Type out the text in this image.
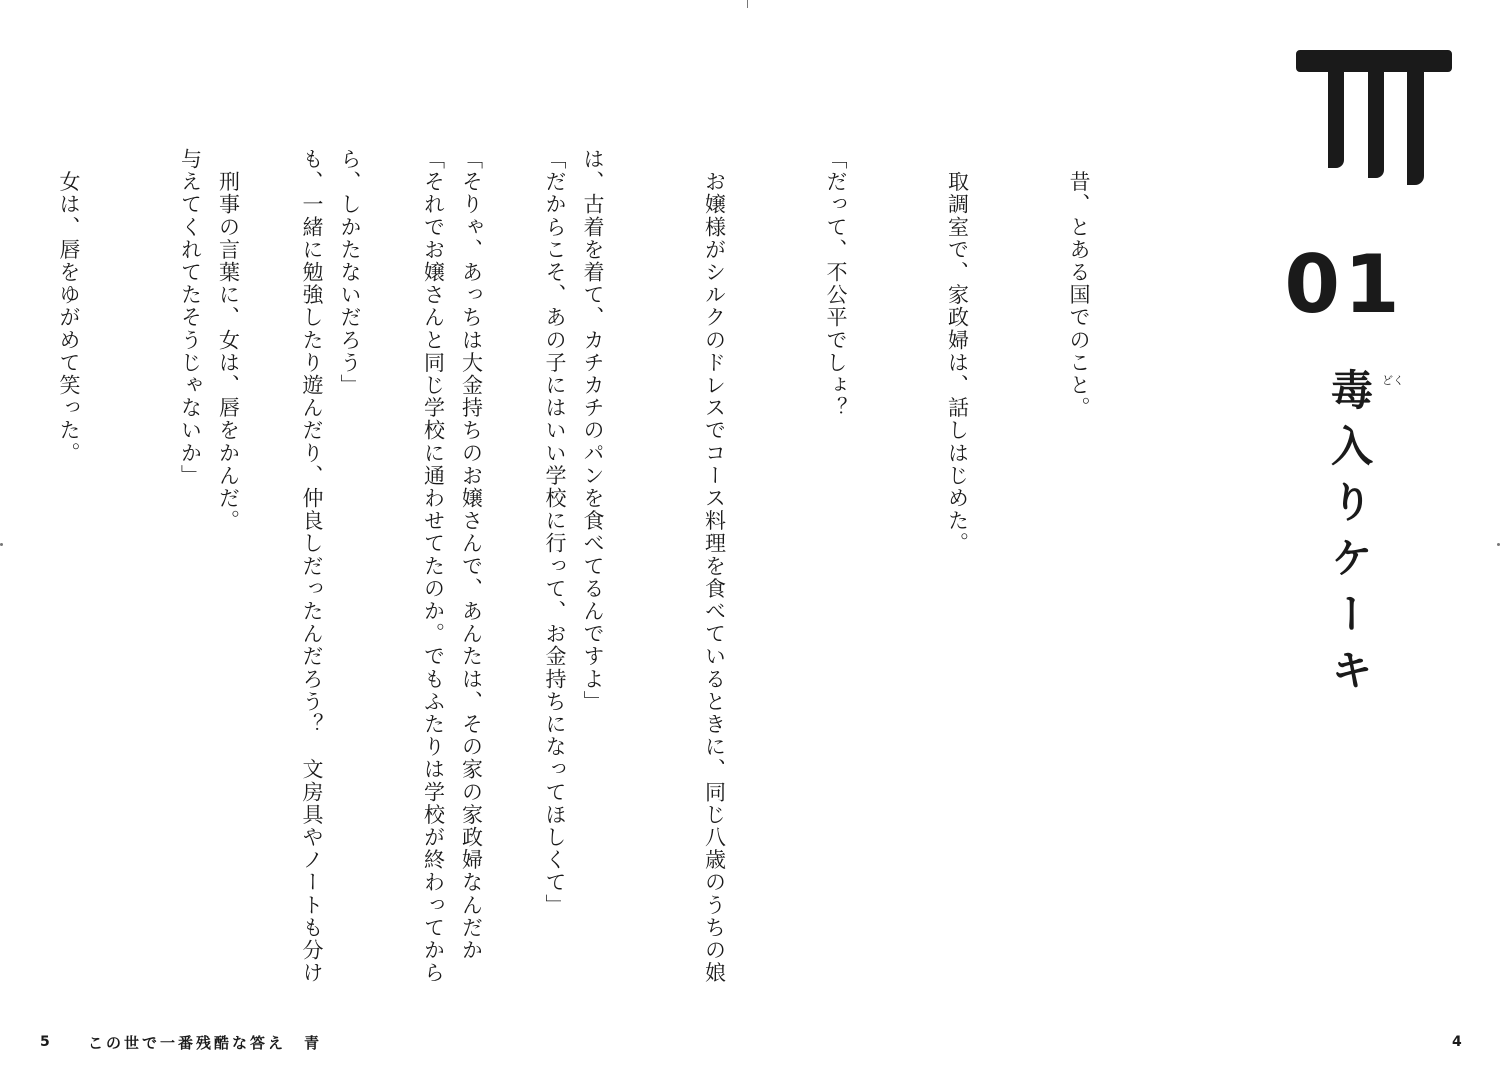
01
どく
毒入りケーキ

　昔、とある国でのこと。

　取調室で、家政婦は、話しはじめた。

「だって、不公平でしょ？

　お嬢様がシルクのドレスでコース料理を食べているときに、同じ八歳のうちの娘

は、古着を着て、カチカチのパンを食べてるんですよ」

「そりゃ、あっちは大金持ちのお嬢さんで、あんたは、その家の家政婦なんだか

ら、しかたないだろう」

　刑事の言葉に、女は、唇をかんだ。

	「だからこそ、あの子にはいい学校に行って、お金持ちになってほしくて」

「それでお嬢さんと同じ学校に通わせてたのか。でもふたりは学校が終わってから

も、一緒に勉強したり遊んだり、仲良しだったんだろう？　文房具やノートも分け

与えてくれてたそうじゃないか」

　女は、唇をゆがめて笑った。

5	この世で一番残酷な答え　青	4
